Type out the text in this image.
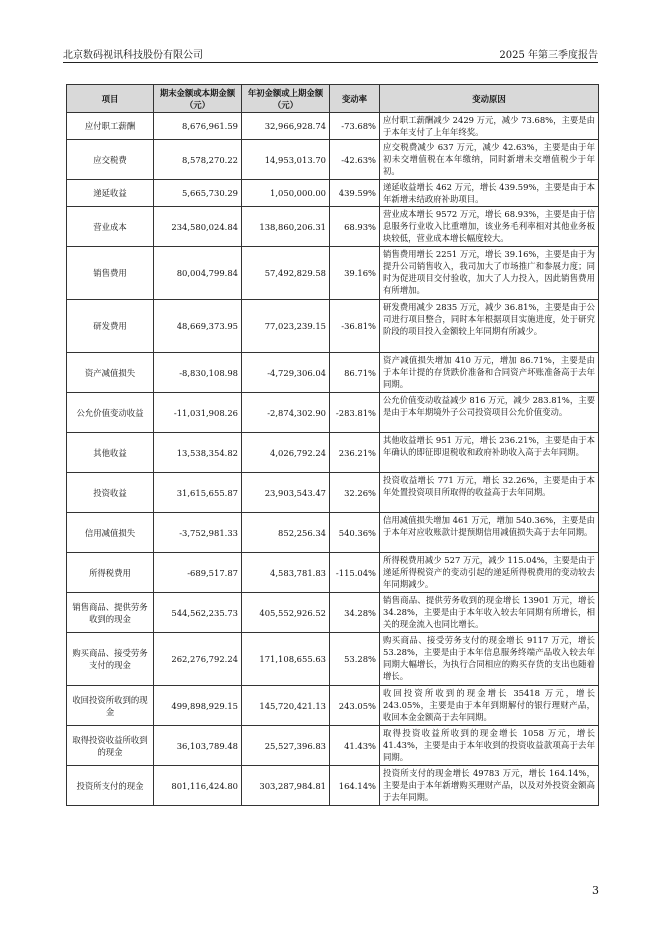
北京数码视讯科技股份有限公司	2025 年第三季度报告
项目	期末金额或本期金额（元）	年初金额或上期金额（元）	变动率	变动原因
应付职工薪酬	8,676,961.59	32,966,928.74	-73.68%	应付职工薪酬减少 2429 万元，减少 73.68%，主要是由于本年支付了上年年终奖。
应交税费	8,578,270.22	14,953,013.70	-42.63%	应交税费减少 637 万元，减少 42.63%，主要是由于年初未交增值税在本年缴纳，同时新增未交增值税少于年初。
递延收益	5,665,730.29	1,050,000.00	439.59%	递延收益增长 462 万元，增长 439.59%，主要是由于本年新增未结政府补助项目。
营业成本	234,580,024.84	138,860,206.31	68.93%	营业成本增长 9572 万元，增长 68.93%，主要是由于信息服务行业收入比重增加，该业务毛利率相对其他业务板块较低，营业成本增长幅度较大。
销售费用	80,004,799.84	57,492,829.58	39.16%	销售费用增长 2251 万元，增长 39.16%，主要是由于为提升公司销售收入，我司加大了市场推广和参展力度；同时为促进项目交付验收，加大了人力投入，因此销售费用有所增加。
研发费用	48,669,373.95	77,023,239.15	-36.81%	研发费用减少 2835 万元，减少 36.81%，主要是由于公司进行项目整合，同时本年根据项目实施进度，处于研究阶段的项目投入金额较上年同期有所减少。
资产减值损失	-8,830,108.98	-4,729,306.04	86.71%	资产减值损失增加 410 万元，增加 86.71%，主要是由于本年计提的存货跌价准备和合同资产坏账准备高于去年同期。
公允价值变动收益	-11,031,908.26	-2,874,302.90	-283.81%	公允价值变动收益减少 816 万元，减少 283.81%，主要是由于本年期境外子公司投资项目公允价值变动。
其他收益	13,538,354.82	4,026,792.24	236.21%	其他收益增长 951 万元，增长 236.21%，主要是由于本年确认的即征即退税收和政府补助收入高于去年同期。
投资收益	31,615,655.87	23,903,543.47	32.26%	投资收益增长 771 万元，增长 32.26%，主要是由于本年处置投资项目所取得的收益高于去年同期。
信用减值损失	-3,752,981.33	852,256.34	540.36%	信用减值损失增加 461 万元，增加 540.36%，主要是由于本年对应收账款计提预期信用减值损失高于去年同期。
所得税费用	-689,517.87	4,583,781.83	-115.04%	所得税费用减少 527 万元，减少 115.04%，主要是由于递延所得税资产的变动引起的递延所得税费用的变动较去年同期减少。
销售商品、提供劳务收到的现金	544,562,235.73	405,552,926.52	34.28%	销售商品、提供劳务收到的现金增长 13901 万元，增长 34.28%，主要是由于本年收入较去年同期有所增长，相关的现金流入也同比增长。
购买商品、接受劳务支付的现金	262,276,792.24	171,108,655.63	53.28%	购买商品、接受劳务支付的现金增长 9117 万元，增长 53.28%，主要是由于本年信息服务终端产品收入较去年同期大幅增长，为执行合同相应的购买存货的支出也随着增长。
收回投资所收到的现金	499,898,929.15	145,720,421.13	243.05%	收回投资所收到的现金增长 35418 万元，增长 243.05%，主要是由于本年到期解付的银行理财产品，收回本金金额高于去年同期。
取得投资收益所收到的现金	36,103,789.48	25,527,396.83	41.43%	取得投资收益所收到的现金增长 1058 万元，增长 41.43%，主要是由于本年收到的投资收益款项高于去年同期。
投资所支付的现金	801,116,424.80	303,287,984.81	164.14%	投资所支付的现金增长 49783 万元，增长 164.14%，主要是由于本年新增购买理财产品，以及对外投资金额高于去年同期。
3
